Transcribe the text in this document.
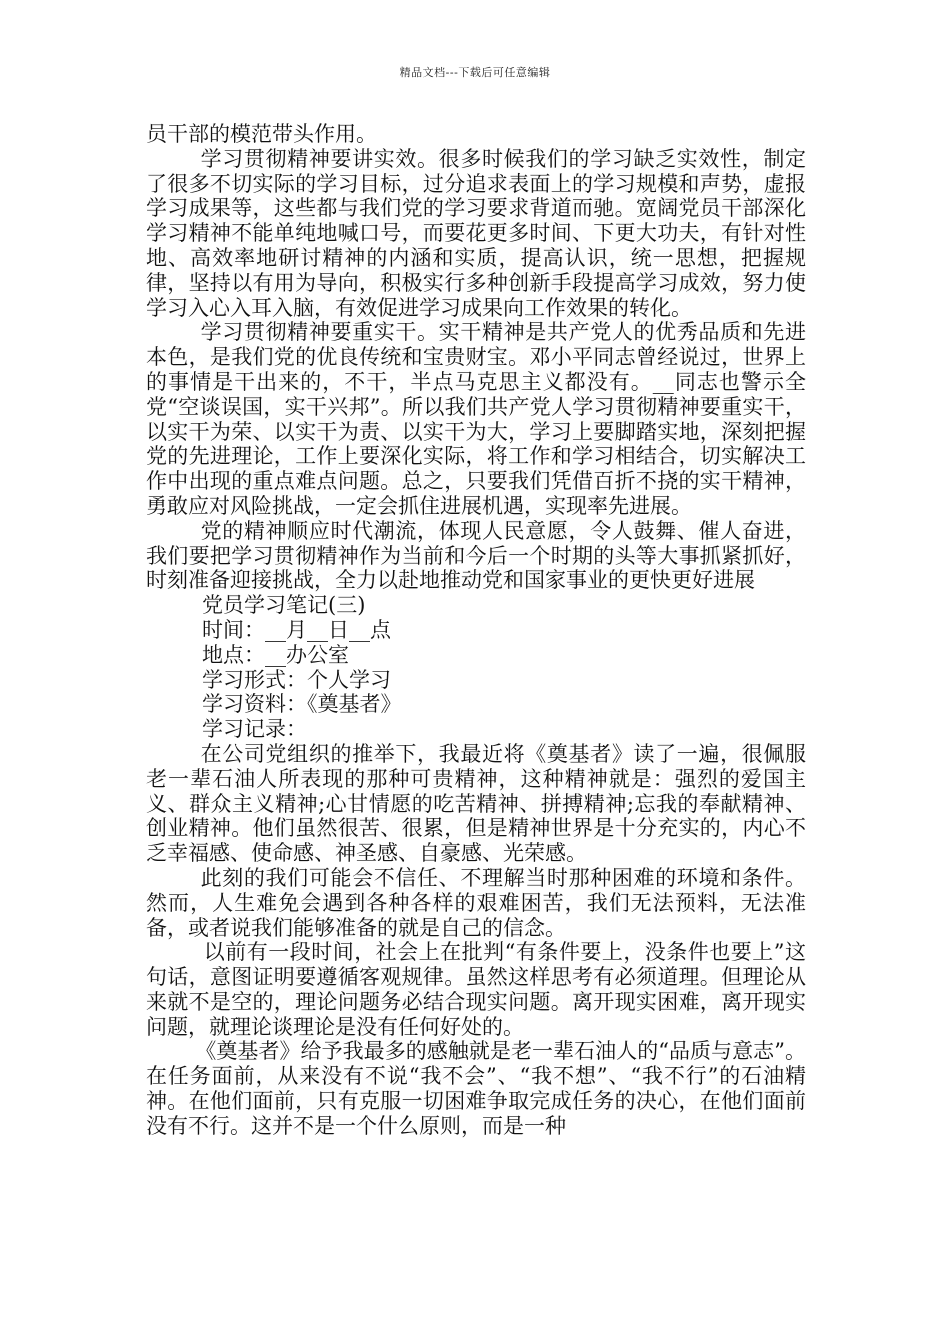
精品文档---下载后可任意编辑

员干部的模范带头作用。

学习贯彻精神要讲实效。很多时候我们的学习缺乏实效性，制定了很多不切实际的学习目标，过分追求表面上的学习规模和声势，虚报学习成果等，这些都与我们党的学习要求背道而驰。宽阔党员干部深化学习精神不能单纯地喊口号，而要花更多时间、下更大功夫，有针对性地、高效率地研讨精神的内涵和实质，提高认识，统一思想，把握规律，坚持以有用为导向，积极实行多种创新手段提高学习成效，努力使学习入心入耳入脑，有效促进学习成果向工作效果的转化。

学习贯彻精神要重实干。实干精神是共产党人的优秀品质和先进本色，是我们党的优良传统和宝贵财宝。邓小平同志曾经说过，世界上的事情是干出来的，不干，半点马克思主义都没有。__同志也警示全党“空谈误国，实干兴邦”。所以我们共产党人学习贯彻精神要重实干，以实干为荣、以实干为责、以实干为大，学习上要脚踏实地，深刻把握党的先进理论，工作上要深化实际，将工作和学习相结合，切实解决工作中出现的重点难点问题。总之，只要我们凭借百折不挠的实干精神，勇敢应对风险挑战，一定会抓住进展机遇，实现率先进展。

党的精神顺应时代潮流，体现人民意愿，令人鼓舞、催人奋进，我们要把学习贯彻精神作为当前和今后一个时期的头等大事抓紧抓好，时刻准备迎接挑战，全力以赴地推动党和国家事业的更快更好进展

党员学习笔记(三)

时间：__月__日__点

地点：__办公室

学习形式：个人学习

学习资料：《奠基者》

学习记录：

在公司党组织的推举下，我最近将《奠基者》读了一遍，很佩服老一辈石油人所表现的那种可贵精神，这种精神就是：强烈的爱国主义、群众主义精神;心甘情愿的吃苦精神、拼搏精神;忘我的奉献精神、创业精神。他们虽然很苦、很累，但是精神世界是十分充实的，内心不乏幸福感、使命感、神圣感、自豪感、光荣感。

此刻的我们可能会不信任、不理解当时那种困难的环境和条件。然而，人生难免会遇到各种各样的艰难困苦，我们无法预料，无法准备，或者说我们能够准备的就是自己的信念。

以前有一段时间，社会上在批判“有条件要上，没条件也要上”这句话，意图证明要遵循客观规律。虽然这样思考有必须道理。但理论从来就不是空的，理论问题务必结合现实问题。离开现实困难，离开现实问题，就理论谈理论是没有任何好处的。

《奠基者》给予我最多的感触就是老一辈石油人的“品质与意志”。在任务面前，从来没有不说“我不会”、“我不想”、“我不行”的石油精神。在他们面前，只有克服一切困难争取完成任务的决心，在他们面前没有不行。这并不是一个什么原则，而是一种
